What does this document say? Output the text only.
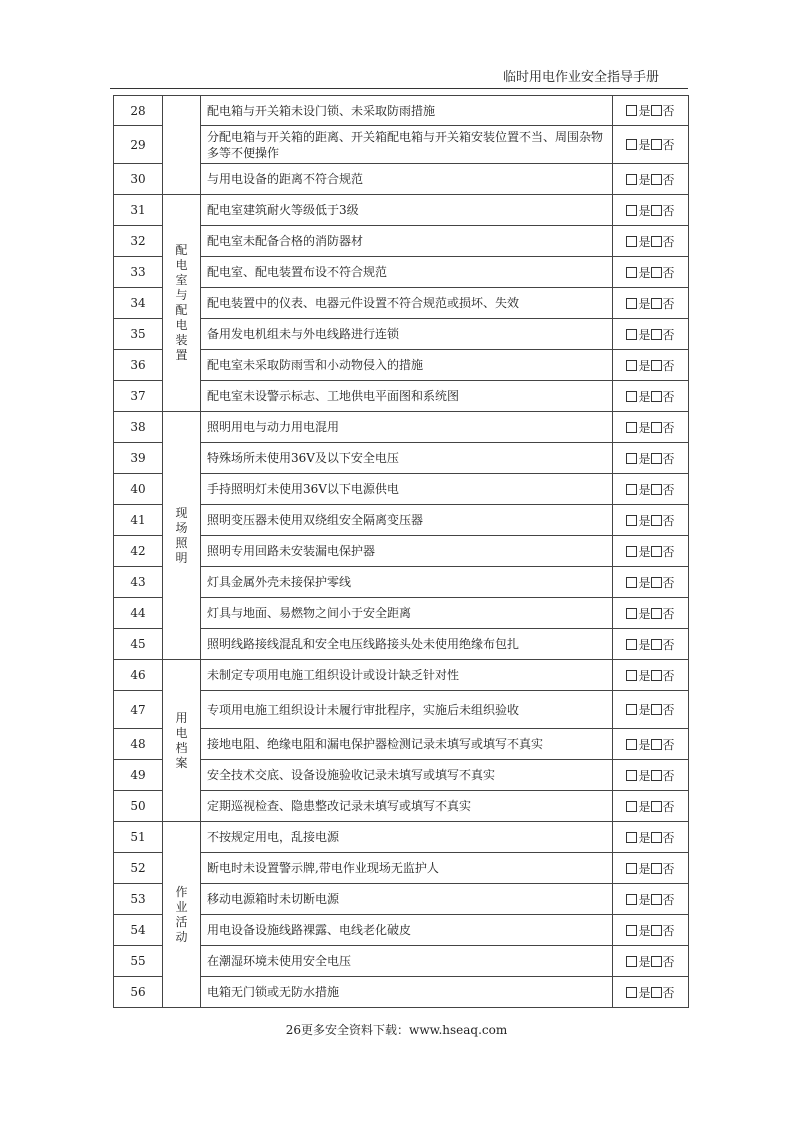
临时用电作业安全指导手册
28		配电箱与开关箱未设门锁、未采取防雨措施	是 否
29		分配电箱与开关箱的距离、开关箱配电箱与开关箱安装位置不当、周围杂物多等不便操作	是 否
30		与用电设备的距离不符合规范	是 否
31	配电室与配电装置	配电室建筑耐火等级低于3级	是 否
32		配电室未配备合格的消防器材	是 否
33		配电室、配电装置布设不符合规范	是 否
34		配电装置中的仪表、电器元件设置不符合规范或损坏、失效	是 否
35		备用发电机组未与外电线路进行连锁	是 否
36		配电室未采取防雨雪和小动物侵入的措施	是 否
37		配电室未设警示标志、工地供电平面图和系统图	是 否
38	现场照明	照明用电与动力用电混用	是 否
39		特殊场所未使用36V及以下安全电压	是 否
40		手持照明灯未使用36V以下电源供电	是 否
41		照明变压器未使用双绕组安全隔离变压器	是 否
42		照明专用回路未安装漏电保护器	是 否
43		灯具金属外壳未接保护零线	是 否
44		灯具与地面、易燃物之间小于安全距离	是 否
45		照明线路接线混乱和安全电压线路接头处未使用绝缘布包扎	是 否
46	用电档案	未制定专项用电施工组织设计或设计缺乏针对性	是 否
47		专项用电施工组织设计未履行审批程序，实施后未组织验收	是 否
48		接地电阻、绝缘电阻和漏电保护器检测记录未填写或填写不真实	是 否
49		安全技术交底、设备设施验收记录未填写或填写不真实	是 否
50		定期巡视检查、隐患整改记录未填写或填写不真实	是 否
51	作业活动	不按规定用电，乱接电源	是 否
52		断电时未设置警示牌,带电作业现场无监护人	是 否
53		移动电源箱时未切断电源	是 否
54		用电设备设施线路裸露、电线老化破皮	是 否
55		在潮湿环境未使用安全电压	是 否
56		电箱无门锁或无防水措施	是 否
26更多安全资料下载：www.hseaq.com
